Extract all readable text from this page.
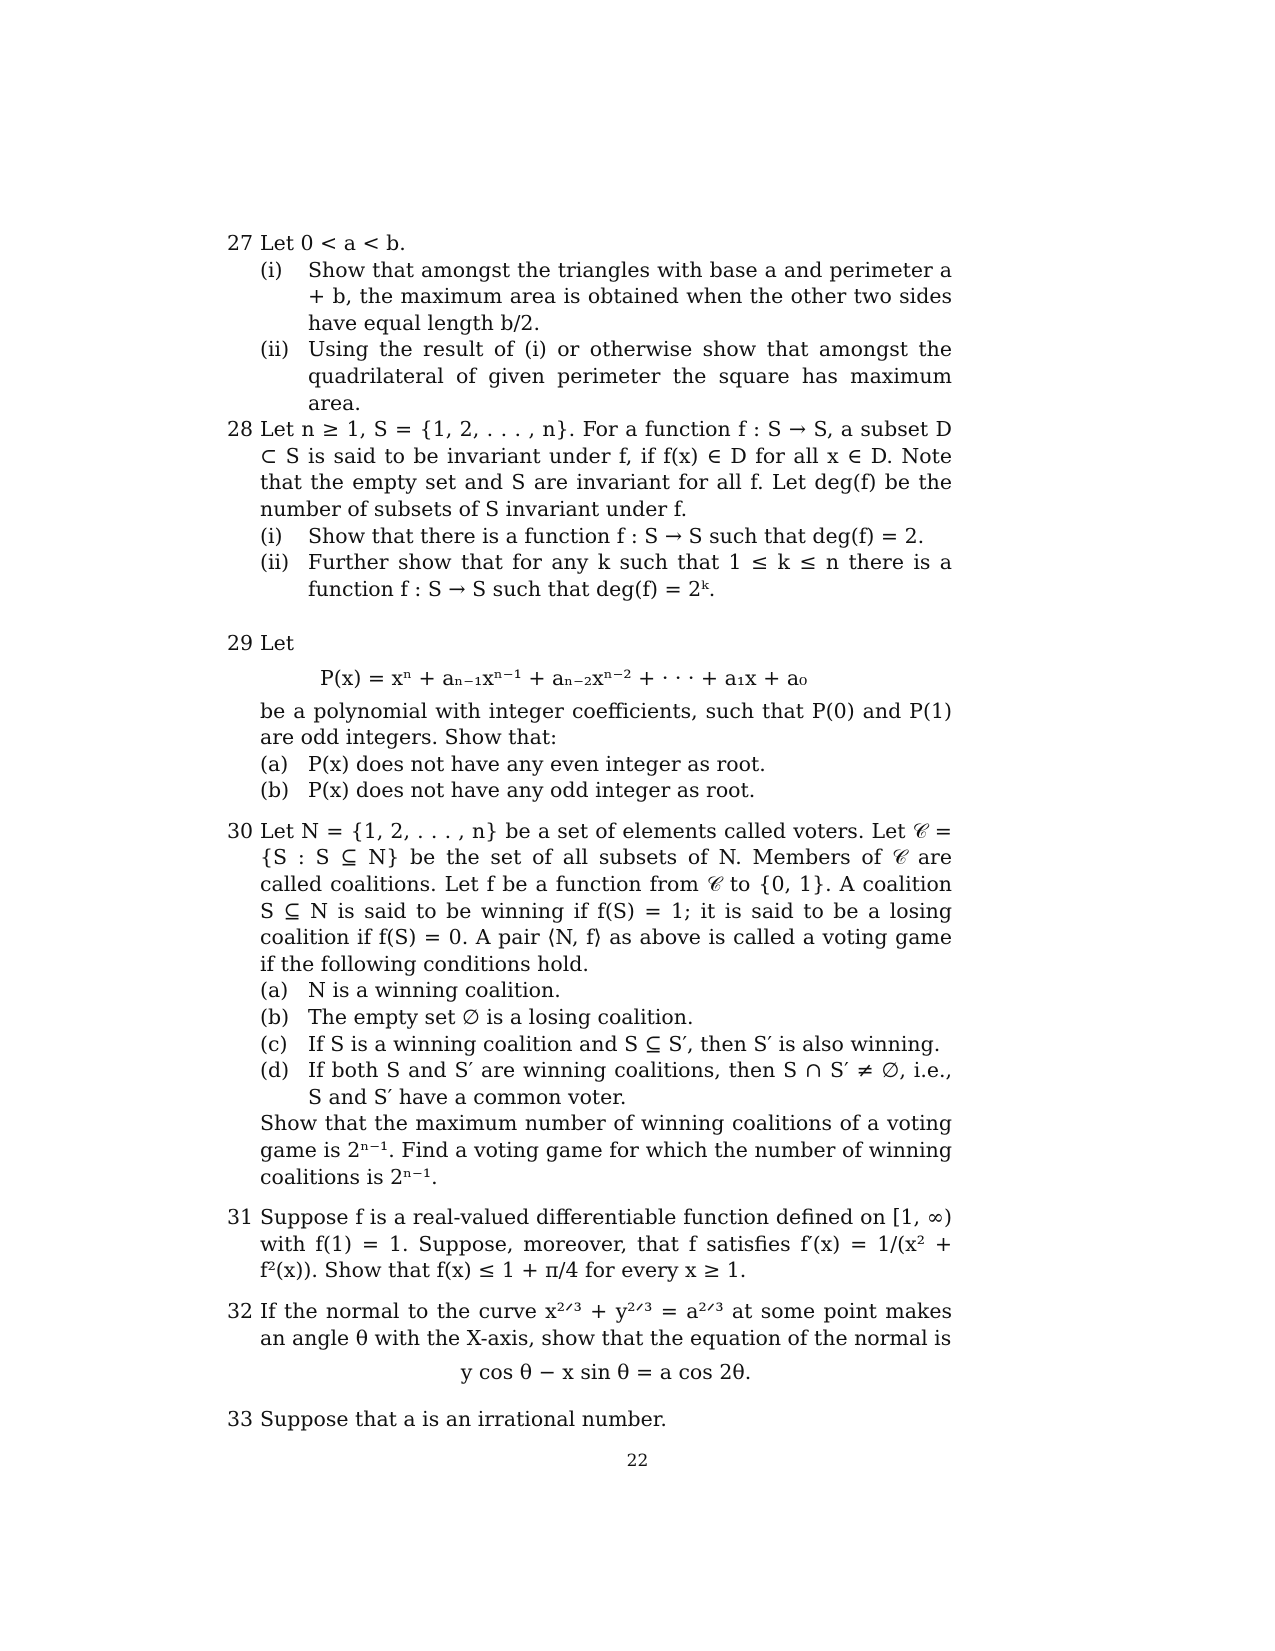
27 Let 0 < a < b.
(i)	Show that amongst the triangles with base a and perimeter a + b, the maximum area is obtained when the other two sides have equal length b/2.
(ii) Using the result of (i) or otherwise show that amongst the quadrilateral of given perimeter the square has maximum area.
28 Let n ≥ 1, S = {1, 2, . . . , n}. For a function f : S → S, a subset D ⊂ S is said to be invariant under f, if f(x) ∈ D for all x ∈ D. Note that the empty set and S are invariant for all f. Let deg(f) be the number of subsets of S invariant under f.
(i)	Show that there is a function f : S → S such that deg(f) = 2.
(ii) Further show that for any k such that 1 ≤ k ≤ n there is a function f : S → S such that deg(f) = 2ᵏ.
29 Let
P(x) = xⁿ + aₙ₋₁xⁿ⁻¹ + aₙ₋₂xⁿ⁻² + · · · + a₁x + a₀
be a polynomial with integer coefficients, such that P(0) and P(1) are odd integers. Show that:
(a) P(x) does not have any even integer as root.
(b) P(x) does not have any odd integer as root.
30 Let N = {1, 2, . . . , n} be a set of elements called voters. Let 𝒞 = {S : S ⊆ N} be the set of all subsets of N. Members of 𝒞 are called coalitions. Let f be a function from 𝒞 to {0, 1}. A coalition S ⊆ N is said to be winning if f(S) = 1; it is said to be a losing coalition if f(S) = 0. A pair ⟨N, f⟩ as above is called a voting game if the following conditions hold.
(a) N is a winning coalition.
(b) The empty set ∅ is a losing coalition.
(c)	If S is a winning coalition and S ⊆ S′, then S′ is also winning.
(d) If both S and S′ are winning coalitions, then S ∩ S′ ≠ ∅, i.e., S and S′ have a common voter.
Show that the maximum number of winning coalitions of a voting game is 2ⁿ⁻¹. Find a voting game for which the number of winning coalitions is 2ⁿ⁻¹.
31 Suppose f is a real-valued differentiable function defined on [1, ∞) with f(1) = 1. Suppose, moreover, that f satisfies f′(x) = 1/(x² + f²(x)). Show that f(x) ≤ 1 + π/4 for every x ≥ 1.
32 If the normal to the curve x²ᐟ³ + y²ᐟ³ = a²ᐟ³ at some point makes an angle θ with the X-axis, show that the equation of the normal is
y cos θ − x sin θ = a cos 2θ.
33 Suppose that a is an irrational number.
22
